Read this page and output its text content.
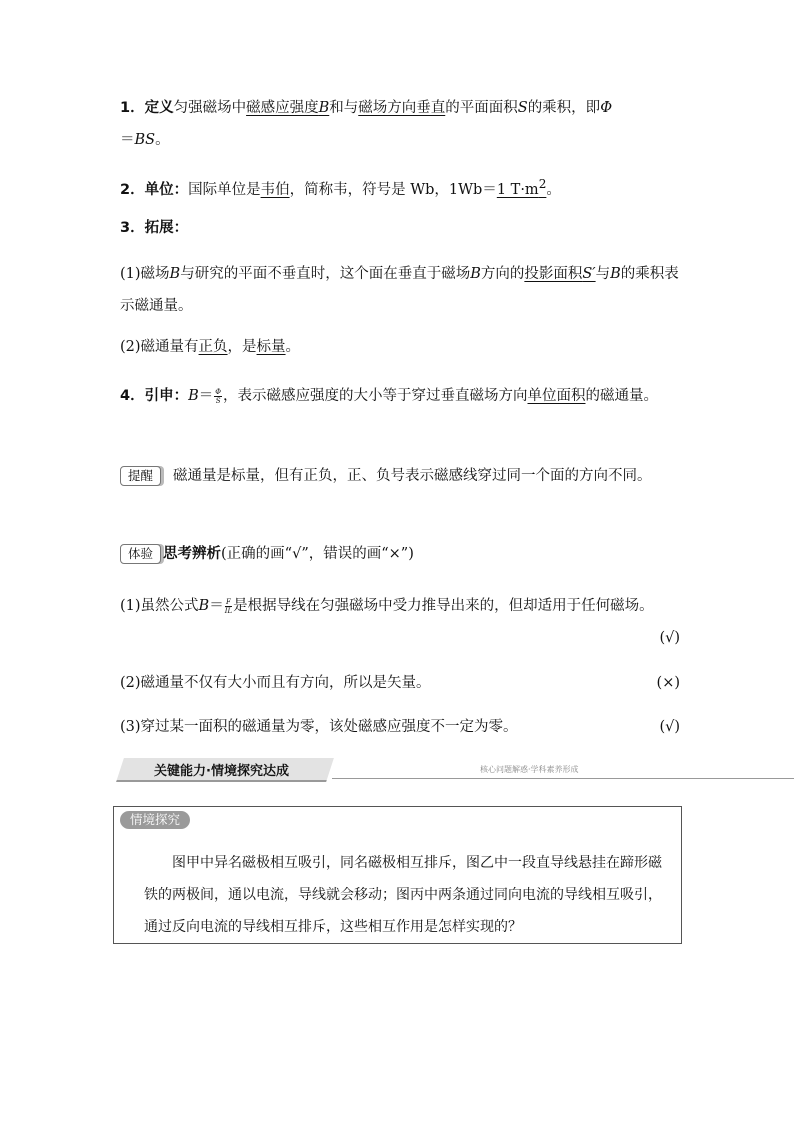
1．定义匀强磁场中磁感应强度B和与磁场方向垂直的平面面积S的乘积，即Φ
＝BS。
2．单位：国际单位是韦伯，简称韦，符号是 Wb，1Wb＝1 $T\cdot m^2$。
3．拓展：
(1)磁场B与研究的平面不垂直时，这个面在垂直于磁场B方向的投影面积S′与B的乘积表示磁通量。
(2)磁通量有正负，是标量。
4．引申：$B= \frac{\Phi}{S}$ ，表示磁感应强度的大小等于穿过垂直磁场方向单位面积的磁通量。
提醒 磁通量是标量，但有正负，正、负号表示磁感线穿过同一个面的方向不同。
体验 思考辨析(正确的画“√”，错误的画“×”)
(1)虽然公式$B= \frac{F}{IL}$ 是根据导线在匀强磁场中受力推导出来的，但却适用于任何磁场。
(√)
(2)磁通量不仅有大小而且有方向，所以是矢量。	(×)
(3)穿过某一面积的磁通量为零，该处磁感应强度不一定为零。	(√)
关键能力·情境探究达成	核心问题解惑·学科素养形成
情境探究
图甲中异名磁极相互吸引，同名磁极相互排斥，图乙中一段直导线悬挂在蹄形磁铁的两极间，通以电流，导线就会移动；图丙中两条通过同向电流的导线相互吸引，通过反向电流的导线相互排斥，这些相互作用是怎样实现的？
